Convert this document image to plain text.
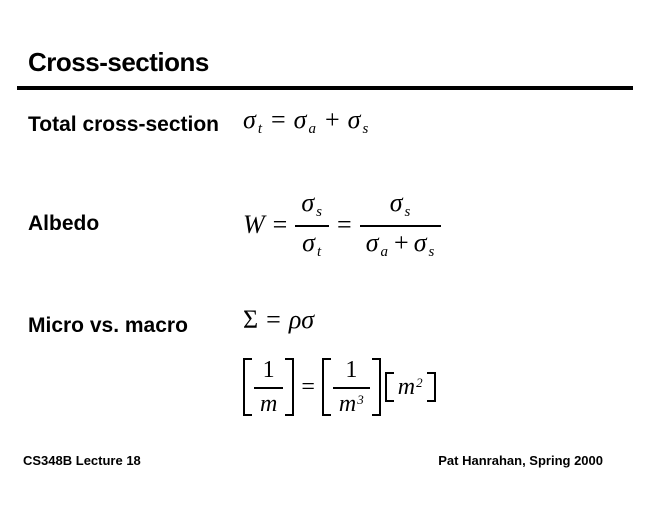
Cross-sections
Total cross-section σt = σ a + σ s
Albedo	$W = \frac{\text{σ s}}{\text{σ t}} = \frac{\text{σ s}}{\text{σ a + σ s}}$
Micro vs. macro Σ = ρσ
$\frac{1}{m} = \frac{1}{m^3} m^2$
CS348B Lecture 18	Pat Hanrahan, Spring 2000
